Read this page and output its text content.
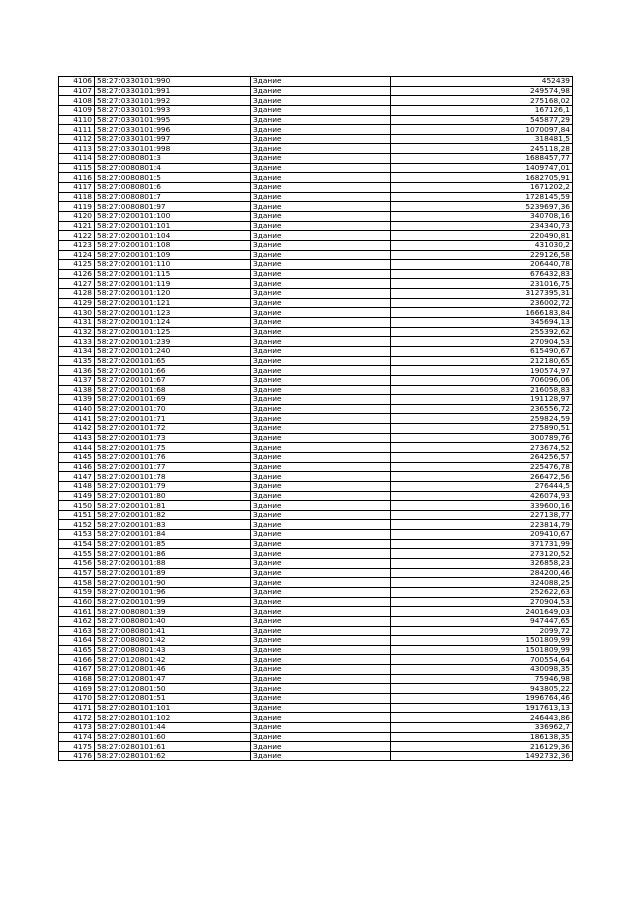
4106	58:27:0330101:990	Здание	452439
4107	58:27:0330101:991	Здание	249574,98
4108	58:27:0330101:992	Здание	275168,02
4109	58:27:0330101:993	Здание	167126,1
4110	58:27:0330101:995	Здание	545877,29
4111	58:27:0330101:996	Здание	1070097,84
4112	58:27:0330101:997	Здание	318481,5
4113	58:27:0330101:998	Здание	245118,28
4114	58:27:0080801:3	Здание	1688457,77
4115	58:27:0080801:4	Здание	1409747,01
4116	58:27:0080801:5	Здание	1682705,91
4117	58:27:0080801:6	Здание	1671202,2
4118	58:27:0080801:7	Здание	1728145,59
4119	58:27:0080801:97	Здание	5239697,36
4120	58:27:0200101:100	Здание	340708,16
4121	58:27:0200101:101	Здание	234340,73
4122	58:27:0200101:104	Здание	220490,81
4123	58:27:0200101:108	Здание	431030,2
4124	58:27:0200101:109	Здание	229126,58
4125	58:27:0200101:110	Здание	206440,78
4126	58:27:0200101:115	Здание	676432,83
4127	58:27:0200101:119	Здание	231016,75
4128	58:27:0200101:120	Здание	3127395,31
4129	58:27:0200101:121	Здание	236002,72
4130	58:27:0200101:123	Здание	1666183,84
4131	58:27:0200101:124	Здание	345694,13
4132	58:27:0200101:125	Здание	255392,62
4133	58:27:0200101:239	Здание	270904,53
4134	58:27:0200101:240	Здание	615490,67
4135	58:27:0200101:65	Здание	212180,65
4136	58:27:0200101:66	Здание	190574,97
4137	58:27:0200101:67	Здание	706096,06
4138	58:27:0200101:68	Здание	216058,83
4139	58:27:0200101:69	Здание	191128,97
4140	58:27:0200101:70	Здание	236556,72
4141	58:27:0200101:71	Здание	259824,59
4142	58:27:0200101:72	Здание	275890,51
4143	58:27:0200101:73	Здание	300789,76
4144	58:27:0200101:75	Здание	273674,52
4145	58:27:0200101:76	Здание	264256,57
4146	58:27:0200101:77	Здание	225476,78
4147	58:27:0200101:78	Здание	266472,56
4148	58:27:0200101:79	Здание	276444,5
4149	58:27:0200101:80	Здание	426074,93
4150	58:27:0200101:81	Здание	339600,16
4151	58:27:0200101:82	Здание	227138,77
4152	58:27:0200101:83	Здание	223814,79
4153	58:27:0200101:84	Здание	209410,67
4154	58:27:0200101:85	Здание	371731,99
4155	58:27:0200101:86	Здание	273120,52
4156	58:27:0200101:88	Здание	326858,23
4157	58:27:0200101:89	Здание	284200,46
4158	58:27:0200101:90	Здание	324088,25
4159	58:27:0200101:96	Здание	252622,63
4160	58:27:0200101:99	Здание	270904,53
4161	58:27:0080801:39	Здание	2401649,03
4162	58:27:0080801:40	Здание	947447,65
4163	58:27:0080801:41	Здание	2099,72
4164	58:27:0080801:42	Здание	1501809,99
4165	58:27:0080801:43	Здание	1501809,99
4166	58:27:0120801:42	Здание	700554,64
4167	58:27:0120801:46	Здание	430098,35
4168	58:27:0120801:47	Здание	75946,98
4169	58:27:0120801:50	Здание	943805,22
4170	58:27:0120801:51	Здание	1996764,46
4171	58:27:0280101:101	Здание	1917613,13
4172	58:27:0280101:102	Здание	246443,86
4173	58:27:0280101:44	Здание	336962,7
4174	58:27:0280101:60	Здание	186138,35
4175	58:27:0280101:61	Здание	216129,36
4176	58:27:0280101:62	Здание	1492732,36
